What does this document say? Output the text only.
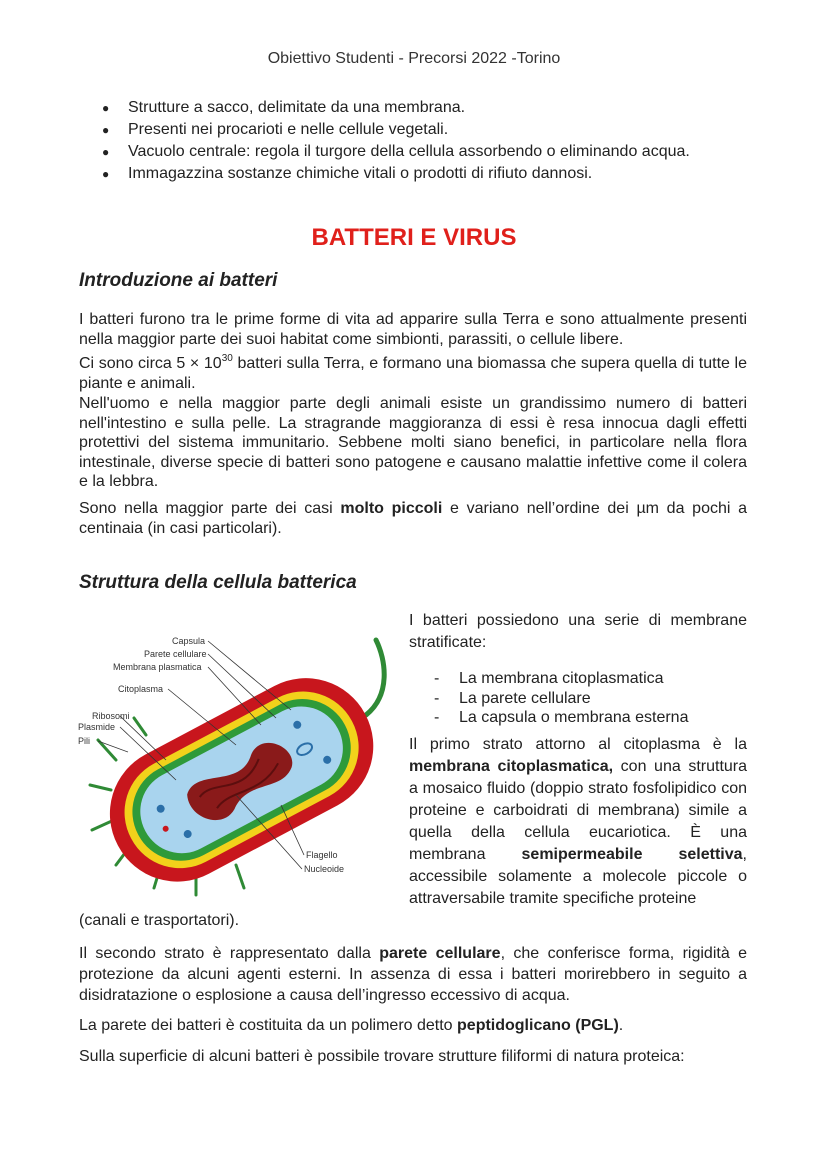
Obiettivo Studenti - Precorsi 2022 -Torino
● Strutture a sacco, delimitate da una membrana.
● Presenti nei procarioti e nelle cellule vegetali.
● Vacuolo centrale: regola il turgore della cellula assorbendo o eliminando acqua.
● Immagazzina sostanze chimiche vitali o prodotti di rifiuto dannosi.
BATTERI E VIRUS
Introduzione ai batteri

I batteri furono tra le prime forme di vita ad apparire sulla Terra e sono attualmente presenti nella maggior parte dei suoi habitat come simbionti, parassiti, o cellule libere.
Ci sono circa $5 \times 10^{30}$ batteri sulla Terra, e formano una biomassa che supera quella di tutte le piante e animali.

Nell'uomo e nella maggior parte degli animali esiste un grandissimo numero di batteri nell'intestino e sulla pelle. La stragrande maggioranza di essi è resa innocua dagli effetti protettivi del sistema immunitario. Sebbene molti siano benefici, in particolare nella flora intestinale, diverse specie di batteri sono patogene e causano malattie infettive come il colera e la lebbra.

Sono nella maggior parte dei casi molto piccoli e variano nell’ordine dei µm da pochi a centinaia (in casi particolari).

Struttura della cellula batterica
Capsula
Parete cellulare
Membrana plasmatica
Citoplasma
Ribosomi
Plasmide
Pili
Flagello
Nucleoide

I batteri possiedono una serie di membrane stratificate:

- La membrana citoplasmatica
- La parete cellulare
- La capsula o membrana esterna

Il primo strato attorno al citoplasma è la membrana citoplasmatica, con una struttura a mosaico fluido (doppio strato fosfolipidico con proteine e carboidrati di membrana) simile a quella della cellula eucariotica. È una membrana semipermeabile selettiva, accessibile solamente a molecole piccole o attraversabile tramite specifiche proteine

(canali e trasportatori).

Il secondo strato è rappresentato dalla parete cellulare, che conferisce forma, rigidità e protezione da alcuni agenti esterni. In assenza di essa i batteri morirebbero in seguito a disidratazione o esplosione a causa dell’ingresso eccessivo di acqua.

La parete dei batteri è costituita da un polimero detto peptidoglicano (PGL).

Sulla superficie di alcuni batteri è possibile trovare strutture filiformi di natura proteica:
